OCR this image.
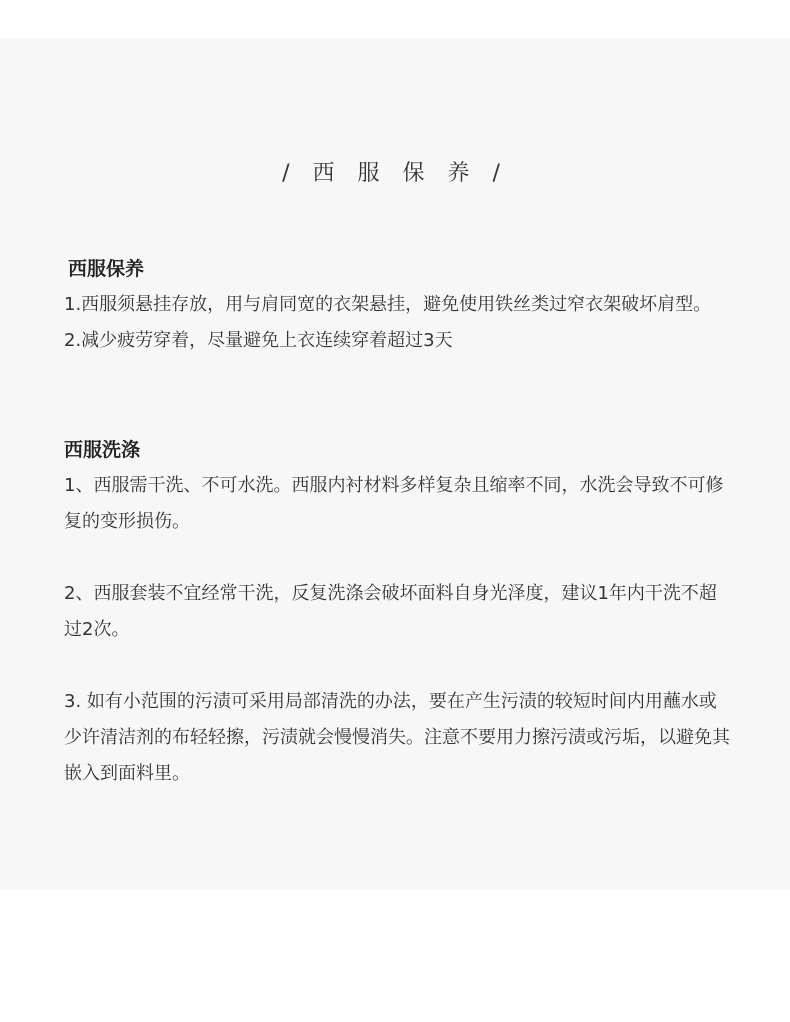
/ 西 服 保 养 /
西服保养

1.西服须悬挂存放，用与肩同宽的衣架悬挂，避免使用铁丝类过窄衣架破坏肩型。

2.减少疲劳穿着，尽量避免上衣连续穿着超过3天

西服洗涤

1、西服需干洗、不可水洗。西服内衬材料多样复杂且缩率不同，水洗会导致不可修复的变形损伤。

2、西服套装不宜经常干洗，反复洗涤会破坏面料自身光泽度，建议1年内干洗不超过2次。

3. 如有小范围的污渍可采用局部清洗的办法，要在产生污渍的较短时间内用蘸水或少许清洁剂的布轻轻擦，污渍就会慢慢消失。注意不要用力擦污渍或污垢，以避免其嵌入到面料里。
